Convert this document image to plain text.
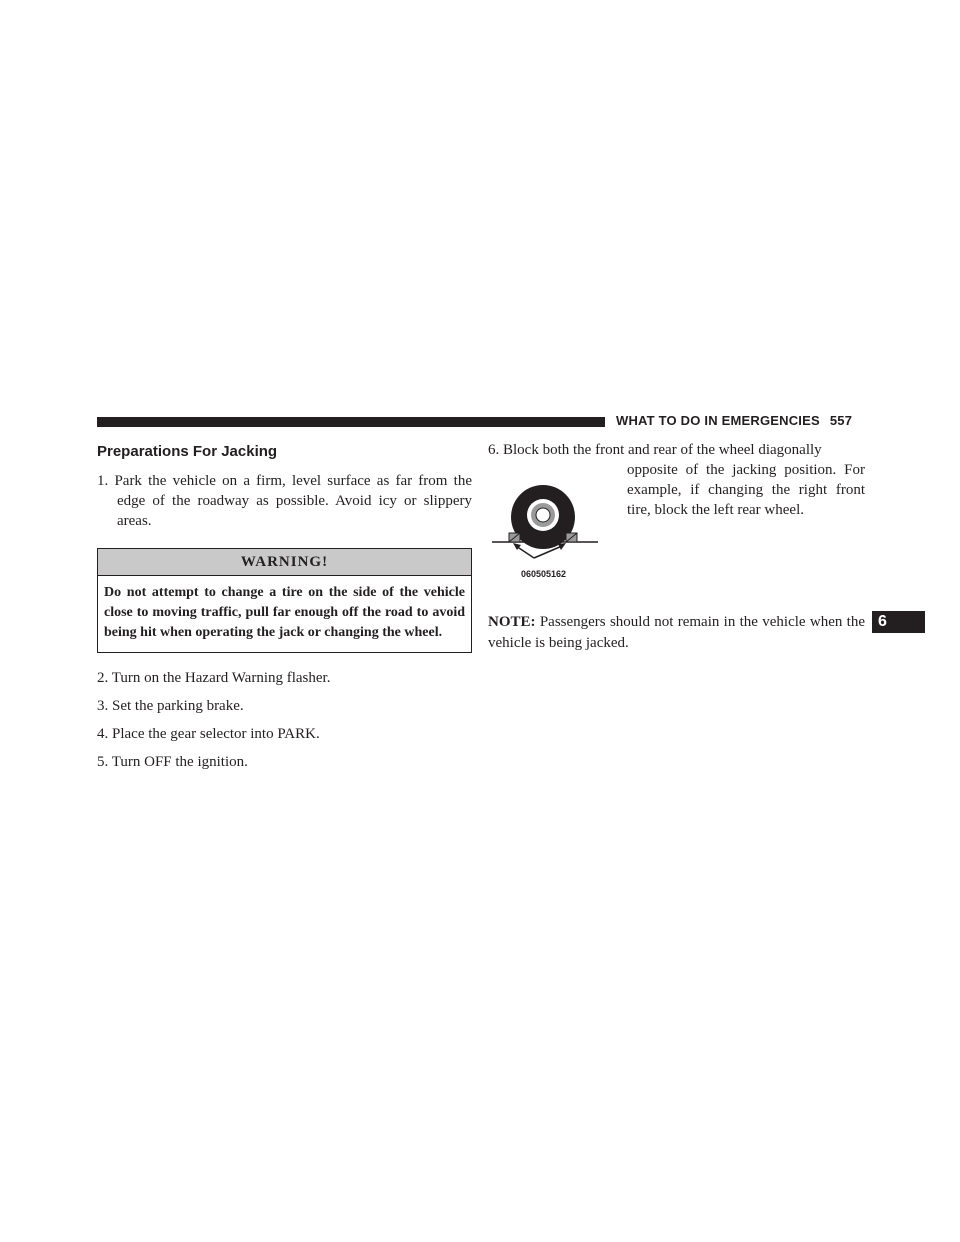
WHAT TO DO IN EMERGENCIES 557
6
Preparations For Jacking

1. Park the vehicle on a firm, level surface as far from the edge of the roadway as possible. Avoid icy or slippery areas.

WARNING!
Do not attempt to change a tire on the side of the vehicle close to moving traffic, pull far enough off the road to avoid being hit when operating the jack or changing the wheel.

2. Turn on the Hazard Warning flasher.

3. Set the parking brake.

4. Place the gear selector into PARK.

5. Turn OFF the ignition.

6. Block both the front and rear of the wheel diagonally

opposite of the jacking position. For example, if changing the right front tire, block the left rear wheel.
060505162
NOTE: Passengers should not remain in the vehicle when the vehicle is being jacked.
